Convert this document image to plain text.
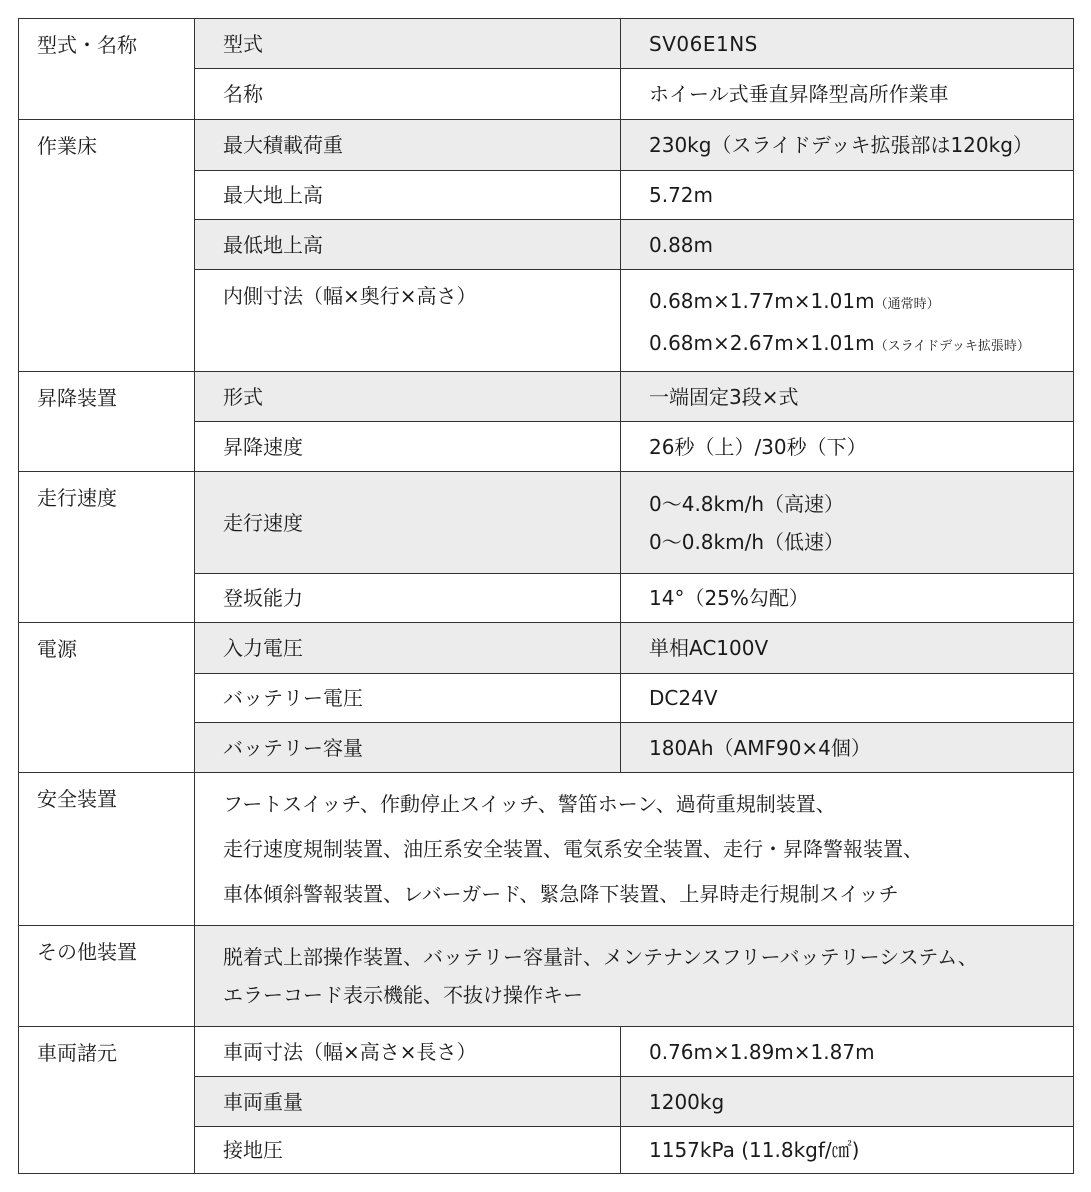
型式・名称	型式	SV06E1NS
	名称	ホイール式垂直昇降型高所作業車
作業床	最大積載荷重	230kg（スライドデッキ拡張部は120kg）
	最大地上高	5.72m
	最低地上高	0.88m
	内側寸法（幅×奥行×高さ）	0.68m×1.77m×1.01m（通常時）
0.68m×2.67m×1.01m（スライドデッキ拡張時）

昇降装置	形式	一端固定3段×式
	昇降速度	26秒（上）/30秒（下）
走行速度	走行速度	0〜4.8km/h（高速）
0〜0.8km/h（低速）

	登坂能力	14°（25%勾配）
電源	入力電圧	単相AC100V
	バッテリー電圧	DC24V
	バッテリー容量	180Ah（AMF90×4個）
安全装置	フートスイッチ、作動停止スイッチ、警笛ホーン、過荷重規制装置、
走行速度規制装置、油圧系安全装置、電気系安全装置、走行・昇降警報装置、
車体傾斜警報装置、レバーガード、緊急降下装置、上昇時走行規制スイッチ	

その他装置	脱着式上部操作装置、バッテリー容量計、メンテナンスフリーバッテリーシステム、
エラーコード表示機能、不抜け操作キー	

車両諸元	車両寸法（幅×高さ×長さ）	0.76m×1.89m×1.87m
	車両重量	1200kg
	接地圧	1157kPa (11.8kgf/㎠)
